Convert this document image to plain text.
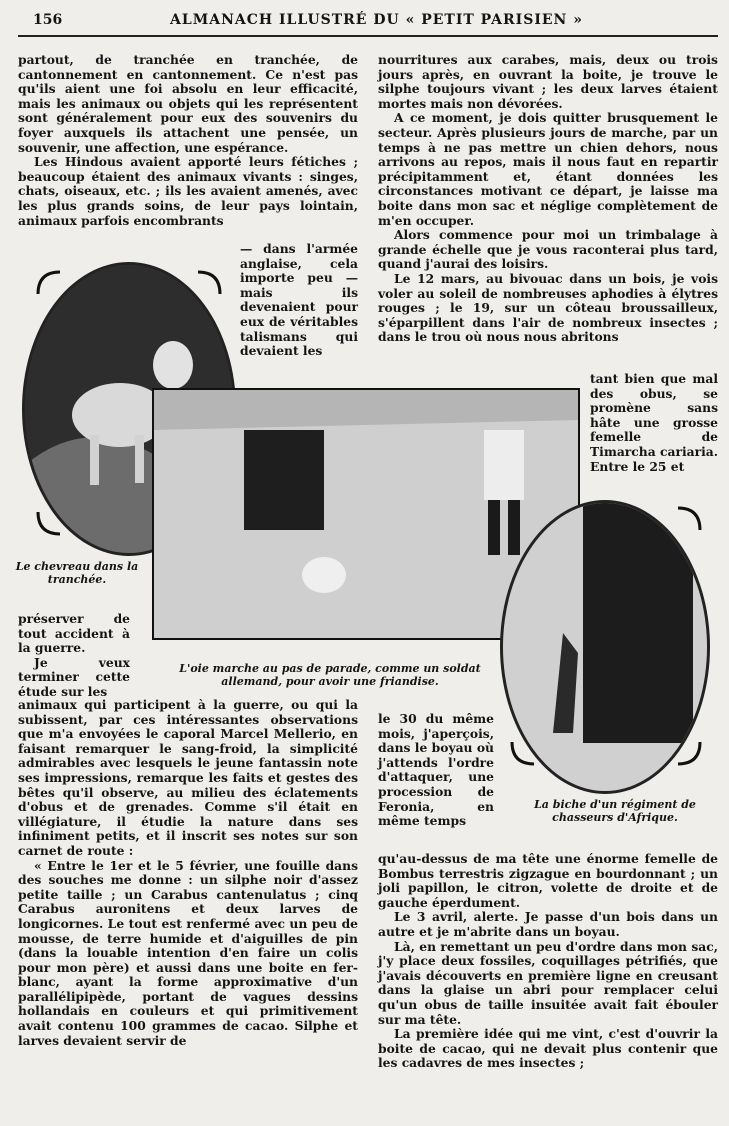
156	ALMANACH ILLUSTRÉ DU « PETIT PARISIEN »

partout, de tranchée en tranchée, de cantonnement en cantonnement. Ce n'est pas qu'ils aient une foi absolu en leur efficacité, mais les animaux ou objets qui les représentent sont généralement pour eux des souvenirs du foyer auxquels ils attachent une pensée, un souvenir, une affection, une espérance.

Les Hindous avaient apporté leurs fétiches ; beaucoup étaient des animaux vivants : singes, chats, oiseaux, etc. ; ils les avaient amenés, avec les plus grands soins, de leur pays lointain, animaux parfois encombrants

— dans l'armée anglaise, cela importe peu — mais ils devenaient pour eux de véritables talismans qui devaient les

nourritures aux carabes, mais, deux ou trois jours après, en ouvrant la boite, je trouve le silphe toujours vivant ; les deux larves étaient mortes mais non dévorées.

A ce moment, je dois quitter brusquement le secteur. Après plusieurs jours de marche, par un temps à ne pas mettre un chien dehors, nous arrivons au repos, mais il nous faut en repartir précipitamment et, étant données les circonstances motivant ce départ, je laisse ma boite dans mon sac et néglige complètement de m'en occuper.

Alors commence pour moi un trimbalage à grande échelle que je vous raconterai plus tard, quand j'aurai des loisirs.

Le 12 mars, au bivouac dans un bois, je vois voler au soleil de nombreuses aphodies à élytres rouges ; le 19, sur un côteau broussailleux, s'éparpillent dans l'air de nombreux insectes ; dans le trou où nous nous abritons

tant bien que mal des obus, se promène sans hâte une grosse femelle de Timarcha cariaria. Entre le 25 et

Le chevreau dans la tranchée.
L'oie marche au pas de parade, comme un soldat allemand, pour avoir une friandise.
La biche d'un régiment de chasseurs d'Afrique.

préserver de tout accident à la guerre.

Je veux terminer cette étude sur les

animaux qui participent à la guerre, ou qui la subissent, par ces intéressantes observations que m'a envoyées le caporal Marcel Mellerio, en faisant remarquer le sang-froid, la simplicité admirables avec lesquels le jeune fantassin note ses impressions, remarque les faits et gestes des bêtes qu'il observe, au milieu des éclatements d'obus et de grenades. Comme s'il était en villégiature, il étudie la nature dans ses infiniment petits, et il inscrit ses notes sur son carnet de route :

« Entre le 1er et le 5 février, une fouille dans des souches me donne : un silphe noir d'assez petite taille ; un Carabus cantenulatus ; cinq Carabus auronitens et deux larves de longicornes. Le tout est renfermé avec un peu de mousse, de terre humide et d'aiguilles de pin (dans la louable intention d'en faire un colis pour mon père) et aussi dans une boite en fer-blanc, ayant la forme approximative d'un parallélipipède, portant de vagues dessins hollandais en couleurs et qui primitivement avait contenu 100 grammes de cacao. Silphe et larves devaient servir de

le 30 du même mois, j'aperçois, dans le boyau où j'attends l'ordre d'attaquer, une procession de Feronia, en même temps

qu'au-dessus de ma tête une énorme femelle de Bombus terrestris zigzague en bourdonnant ; un joli papillon, le citron, volette de droite et de gauche éperdument.

Le 3 avril, alerte. Je passe d'un bois dans un autre et je m'abrite dans un boyau.

Là, en remettant un peu d'ordre dans mon sac, j'y place deux fossiles, coquillages pétrifiés, que j'avais découverts en première ligne en creusant dans la glaise un abri pour remplacer celui qu'un obus de taille insuitée avait fait ébouler sur ma tête.

La première idée qui me vint, c'est d'ouvrir la boite de cacao, qui ne devait plus contenir que les cadavres de mes insectes ;
